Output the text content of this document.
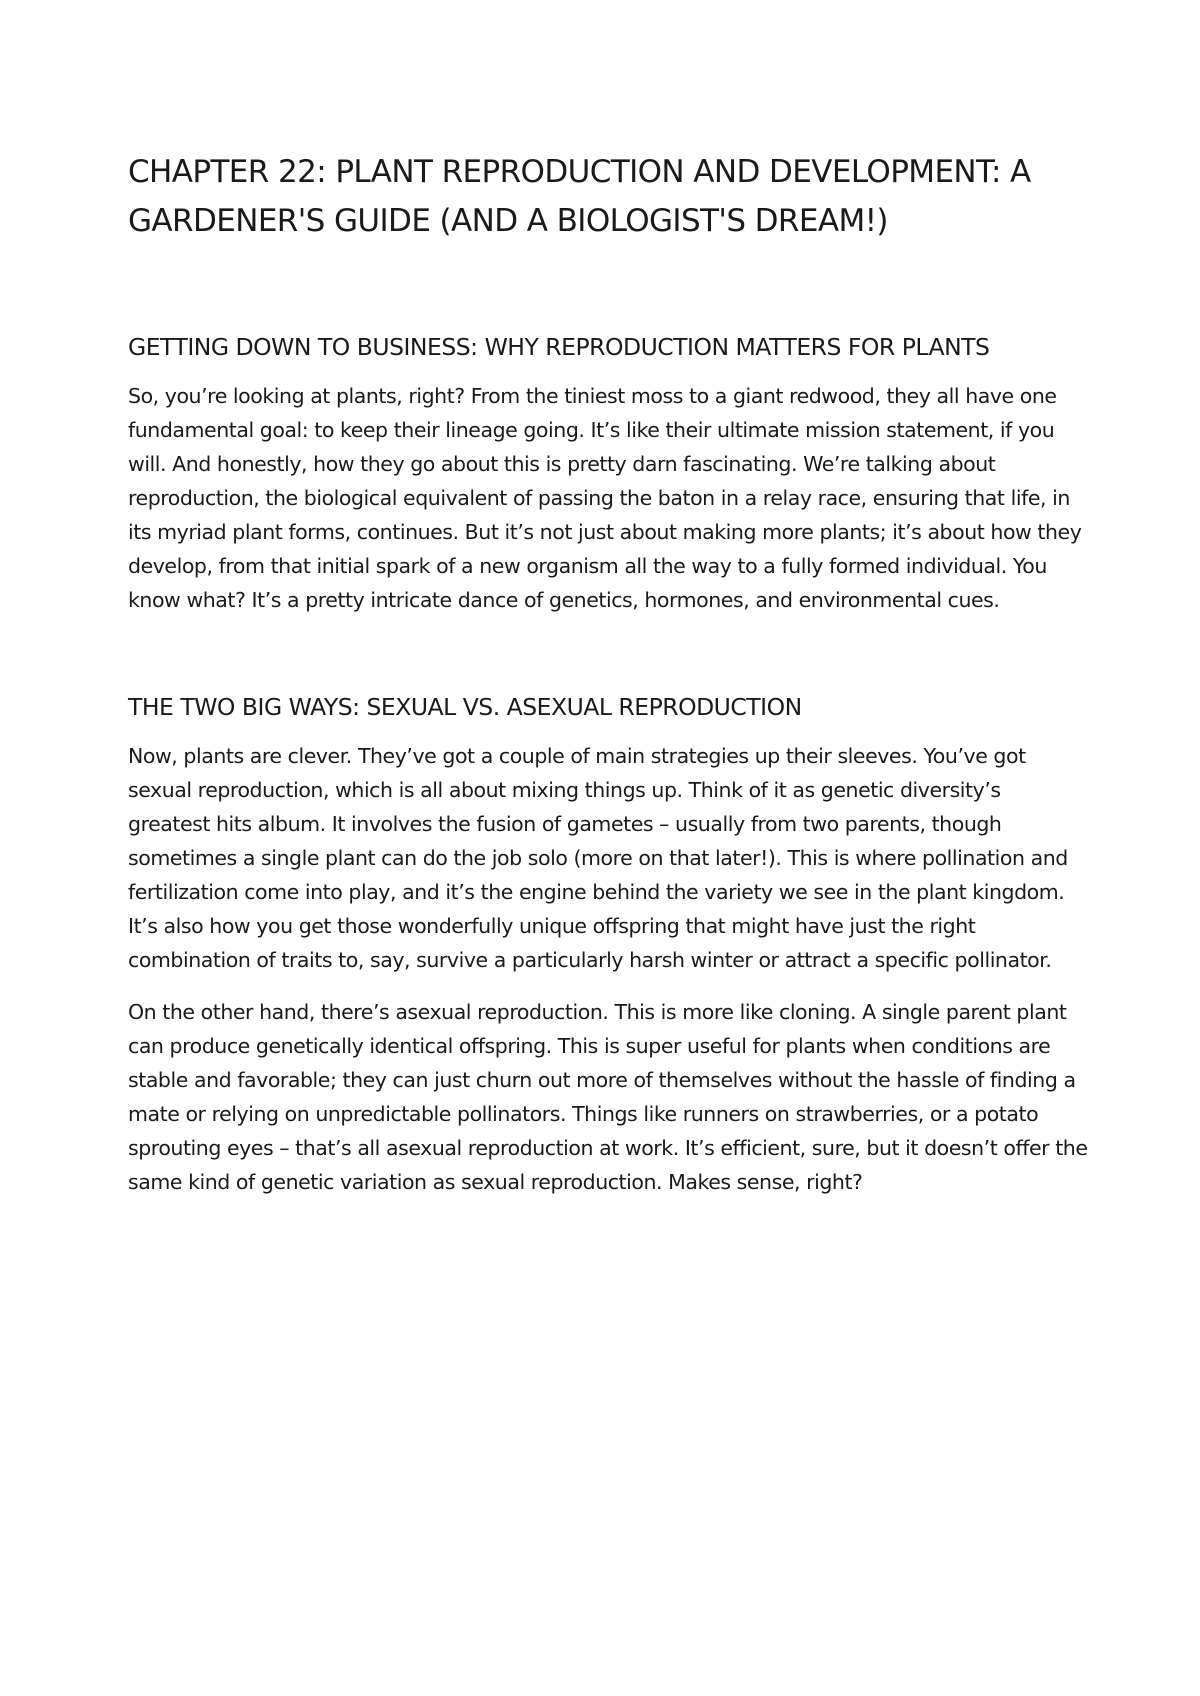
CHAPTER 22: PLANT REPRODUCTION AND DEVELOPMENT: A GARDENER'S GUIDE (AND A BIOLOGIST'S DREAM!)
GETTING DOWN TO BUSINESS: WHY REPRODUCTION MATTERS FOR PLANTS

So, you’re looking at plants, right? From the tiniest moss to a giant redwood, they all have one fundamental goal: to keep their lineage going. It’s like their ultimate mission statement, if you will. And honestly, how they go about this is pretty darn fascinating. We’re talking about reproduction, the biological equivalent of passing the baton in a relay race, ensuring that life, in its myriad plant forms, continues. But it’s not just about making more plants; it’s about how they develop, from that initial spark of a new organism all the way to a fully formed individual. You know what? It’s a pretty intricate dance of genetics, hormones, and environmental cues.

THE TWO BIG WAYS: SEXUAL VS. ASEXUAL REPRODUCTION

Now, plants are clever. They’ve got a couple of main strategies up their sleeves. You’ve got sexual reproduction, which is all about mixing things up. Think of it as genetic diversity’s greatest hits album. It involves the fusion of gametes – usually from two parents, though sometimes a single plant can do the job solo (more on that later!). This is where pollination and fertilization come into play, and it’s the engine behind the variety we see in the plant kingdom. It’s also how you get those wonderfully unique offspring that might have just the right combination of traits to, say, survive a particularly harsh winter or attract a specific pollinator.

On the other hand, there’s asexual reproduction. This is more like cloning. A single parent plant can produce genetically identical offspring. This is super useful for plants when conditions are stable and favorable; they can just churn out more of themselves without the hassle of finding a mate or relying on unpredictable pollinators. Things like runners on strawberries, or a potato sprouting eyes – that’s all asexual reproduction at work. It’s efficient, sure, but it doesn’t offer the same kind of genetic variation as sexual reproduction. Makes sense, right?
